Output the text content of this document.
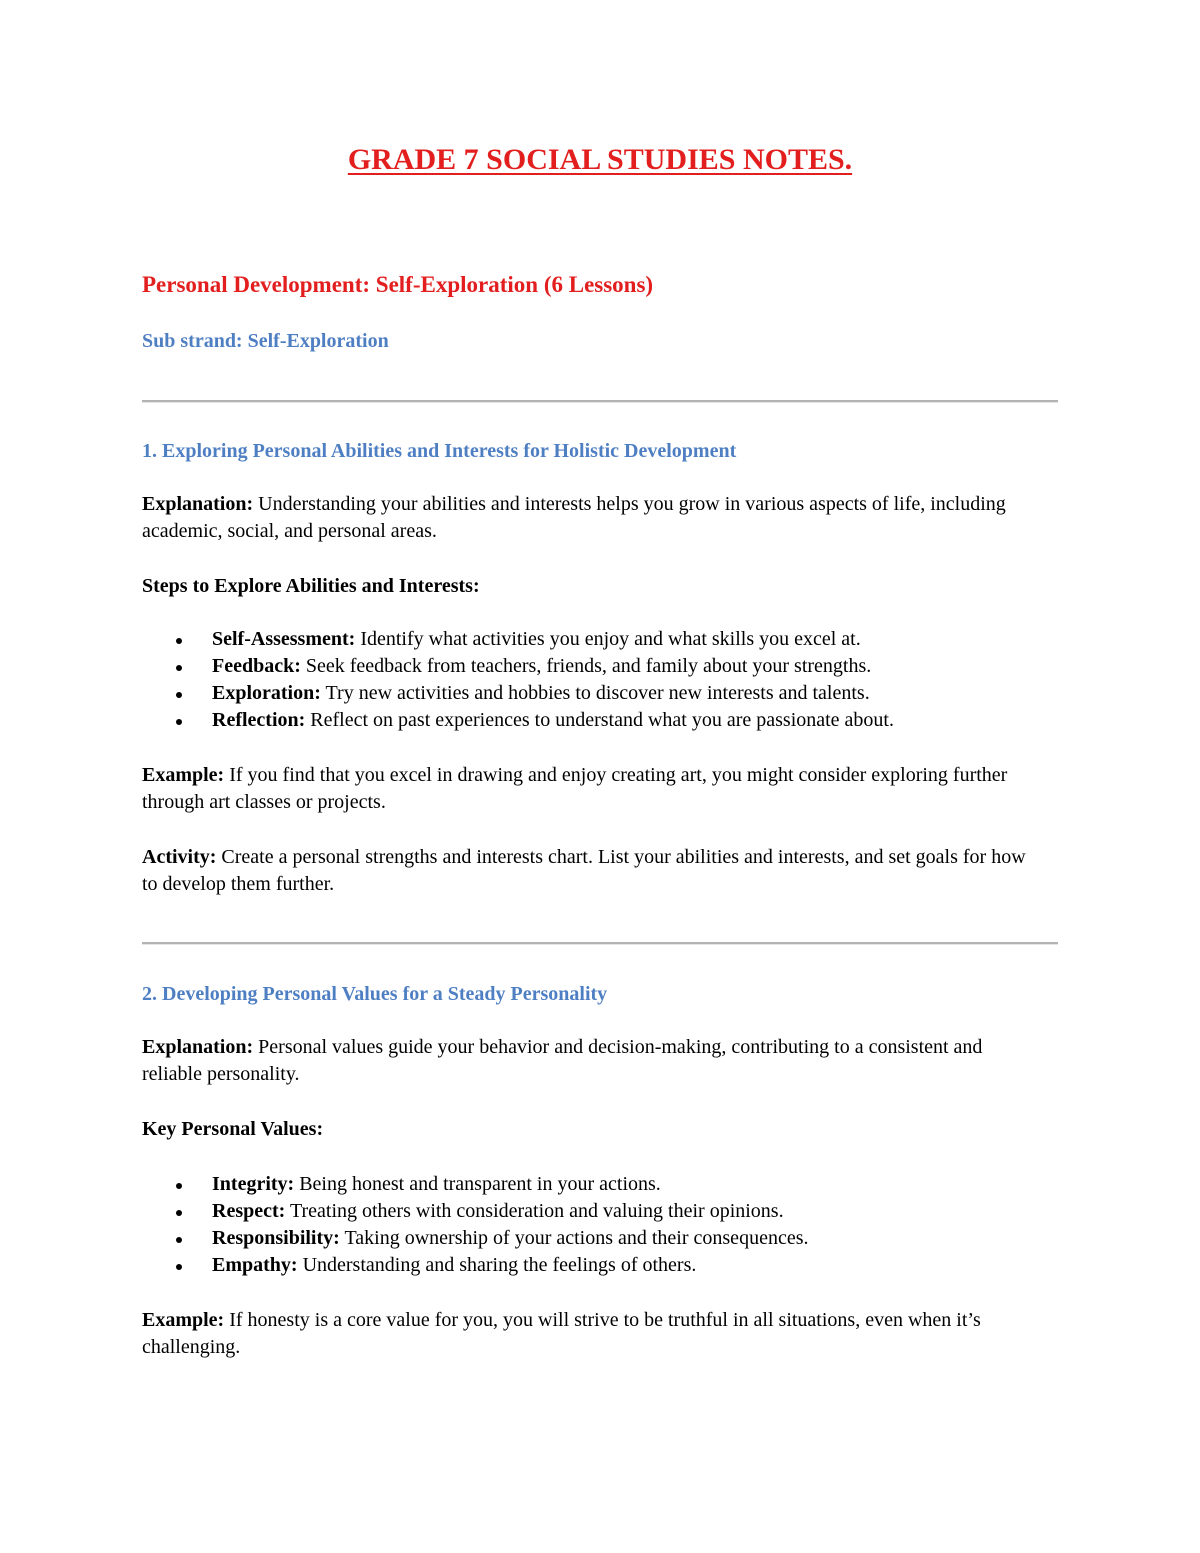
GRADE 7 SOCIAL STUDIES NOTES.
Personal Development: Self-Exploration (6 Lessons)
Sub strand: Self-Exploration
1. Exploring Personal Abilities and Interests for Holistic Development

Explanation: Understanding your abilities and interests helps you grow in various aspects of life, including academic, social, and personal areas.

Steps to Explore Abilities and Interests:

Self-Assessment: Identify what activities you enjoy and what skills you excel at.
Feedback: Seek feedback from teachers, friends, and family about your strengths.
Exploration: Try new activities and hobbies to discover new interests and talents.
Reflection: Reflect on past experiences to understand what you are passionate about.

Example: If you find that you excel in drawing and enjoy creating art, you might consider exploring further through art classes or projects.

Activity: Create a personal strengths and interests chart. List your abilities and interests, and set goals for how to develop them further.

2. Developing Personal Values for a Steady Personality

Explanation: Personal values guide your behavior and decision-making, contributing to a consistent and reliable personality.

Key Personal Values:

Integrity: Being honest and transparent in your actions.
Respect: Treating others with consideration and valuing their opinions.
Responsibility: Taking ownership of your actions and their consequences.
Empathy: Understanding and sharing the feelings of others.

Example: If honesty is a core value for you, you will strive to be truthful in all situations, even when it’s challenging.
